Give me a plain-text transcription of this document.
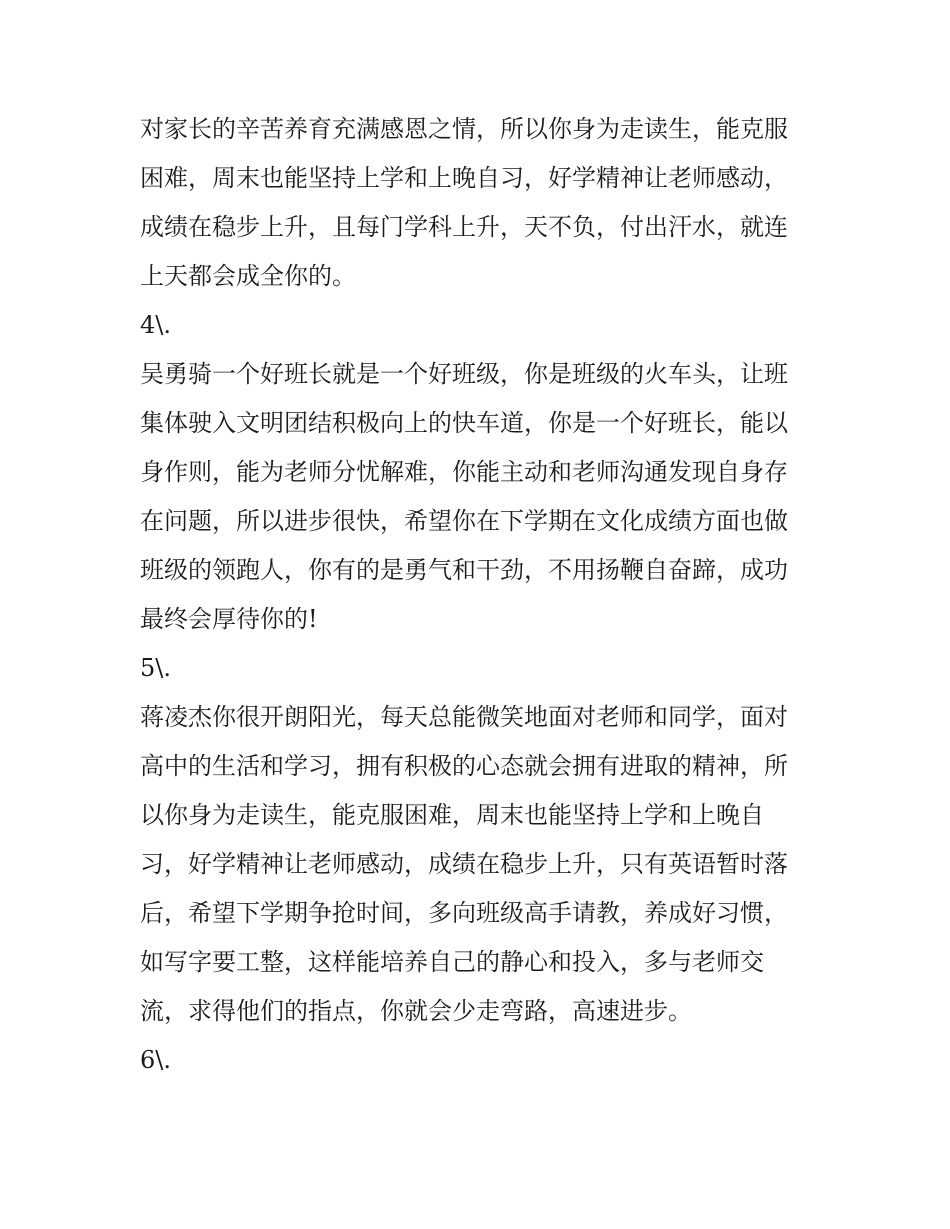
对家长的辛苦养育充满感恩之情，所以你身为走读生，能克服

困难，周末也能坚持上学和上晚自习，好学精神让老师感动，

成绩在稳步上升，且每门学科上升，天不负，付出汗水，就连

上天都会成全你的。

4\.

吴勇骑一个好班长就是一个好班级，你是班级的火车头，让班

集体驶入文明团结积极向上的快车道，你是一个好班长，能以

身作则，能为老师分忧解难，你能主动和老师沟通发现自身存

在问题，所以进步很快，希望你在下学期在文化成绩方面也做

班级的领跑人，你有的是勇气和干劲，不用扬鞭自奋蹄，成功

最终会厚待你的!

5\.

蒋凌杰你很开朗阳光，每天总能微笑地面对老师和同学，面对

高中的生活和学习，拥有积极的心态就会拥有进取的精神，所

以你身为走读生，能克服困难，周末也能坚持上学和上晚自

习，好学精神让老师感动，成绩在稳步上升，只有英语暂时落

后，希望下学期争抢时间，多向班级高手请教，养成好习惯，

如写字要工整，这样能培养自己的静心和投入，多与老师交

流，求得他们的指点，你就会少走弯路，高速进步。

6\.
